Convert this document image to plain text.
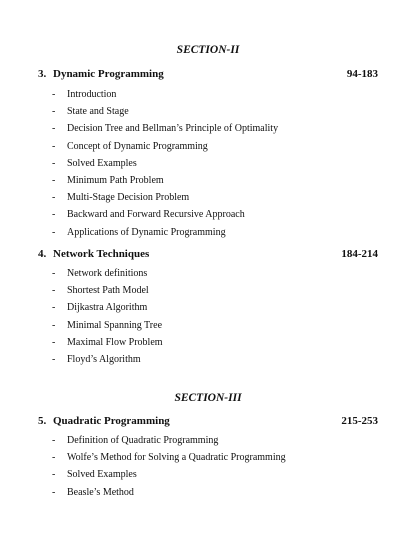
SECTION-II
3. Dynamic Programming	94-183
- Introduction
- State and Stage
- Decision Tree and Bellman’s Principle of Optimality
- Concept of Dynamic Programming
- Solved Examples
- Minimum Path Problem
- Multi-Stage Decision Problem
- Backward and Forward Recursive Approach
- Applications of Dynamic Programming
4. Network Techniques	184-214
- Network definitions
- Shortest Path Model
- Dijkastra Algorithm
- Minimal Spanning Tree
- Maximal Flow Problem
- Floyd’s Algorithm
SECTION-III
5. Quadratic Programming	215-253
- Definition of Quadratic Programming
- Wolfe’s Method for Solving a Quadratic Programming
- Solved Examples
- Beasle’s Method
